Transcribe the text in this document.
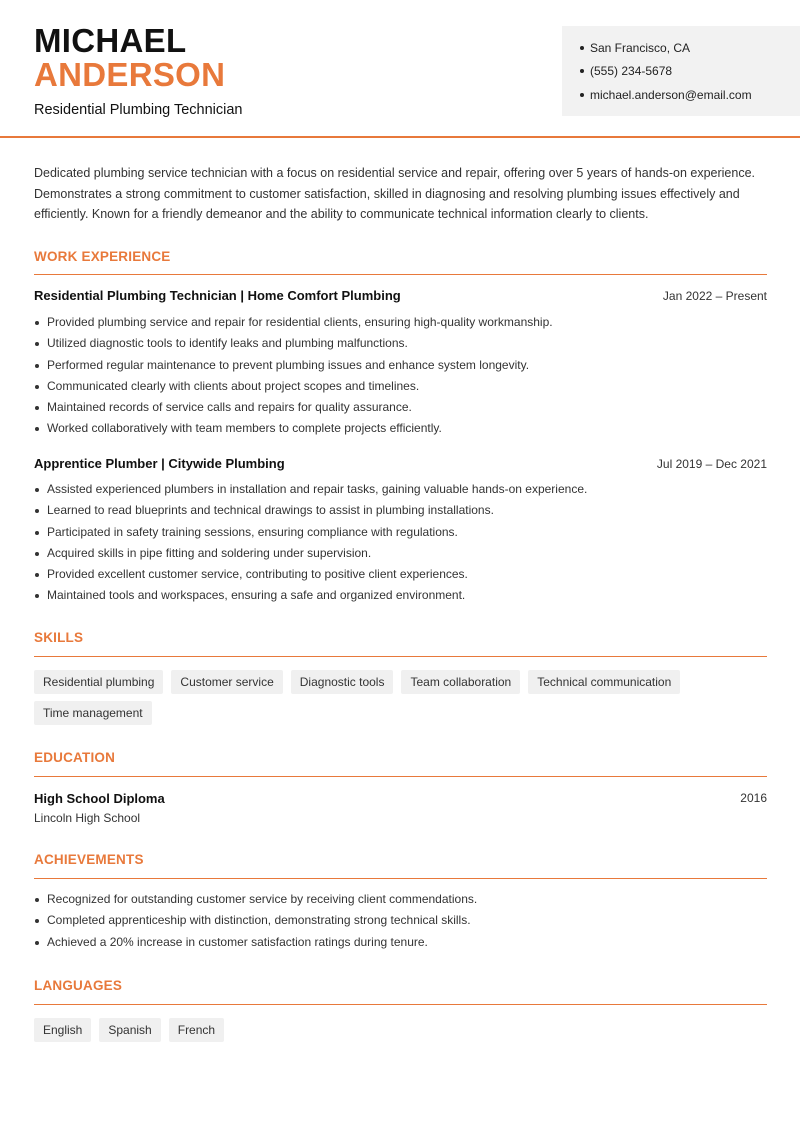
MICHAEL
ANDERSON
Residential Plumbing Technician
San Francisco, CA
(555) 234-5678
michael.anderson@email.com

Dedicated plumbing service technician with a focus on residential service and repair, offering over 5 years of hands-on experience. Demonstrates a strong commitment to customer satisfaction, skilled in diagnosing and resolving plumbing issues effectively and efficiently. Known for a friendly demeanor and the ability to communicate technical information clearly to clients.

WORK EXPERIENCE
Residential Plumbing Technician | Home Comfort Plumbing	Jan 2022 – Present
Provided plumbing service and repair for residential clients, ensuring high-quality workmanship.
Utilized diagnostic tools to identify leaks and plumbing malfunctions.
Performed regular maintenance to prevent plumbing issues and enhance system longevity.
Communicated clearly with clients about project scopes and timelines.
Maintained records of service calls and repairs for quality assurance.
Worked collaboratively with team members to complete projects efficiently.
Apprentice Plumber | Citywide Plumbing	Jul 2019 – Dec 2021
Assisted experienced plumbers in installation and repair tasks, gaining valuable hands-on experience.
Learned to read blueprints and technical drawings to assist in plumbing installations.
Participated in safety training sessions, ensuring compliance with regulations.
Acquired skills in pipe fitting and soldering under supervision.
Provided excellent customer service, contributing to positive client experiences.
Maintained tools and workspaces, ensuring a safe and organized environment.
SKILLS
Residential plumbing	Customer service	Diagnostic tools	Team collaboration	Technical communication
Time management
EDUCATION
High School Diploma	2016
Lincoln High School
ACHIEVEMENTS
Recognized for outstanding customer service by receiving client commendations.
Completed apprenticeship with distinction, demonstrating strong technical skills.
Achieved a 20% increase in customer satisfaction ratings during tenure.
LANGUAGES
English	Spanish	French
